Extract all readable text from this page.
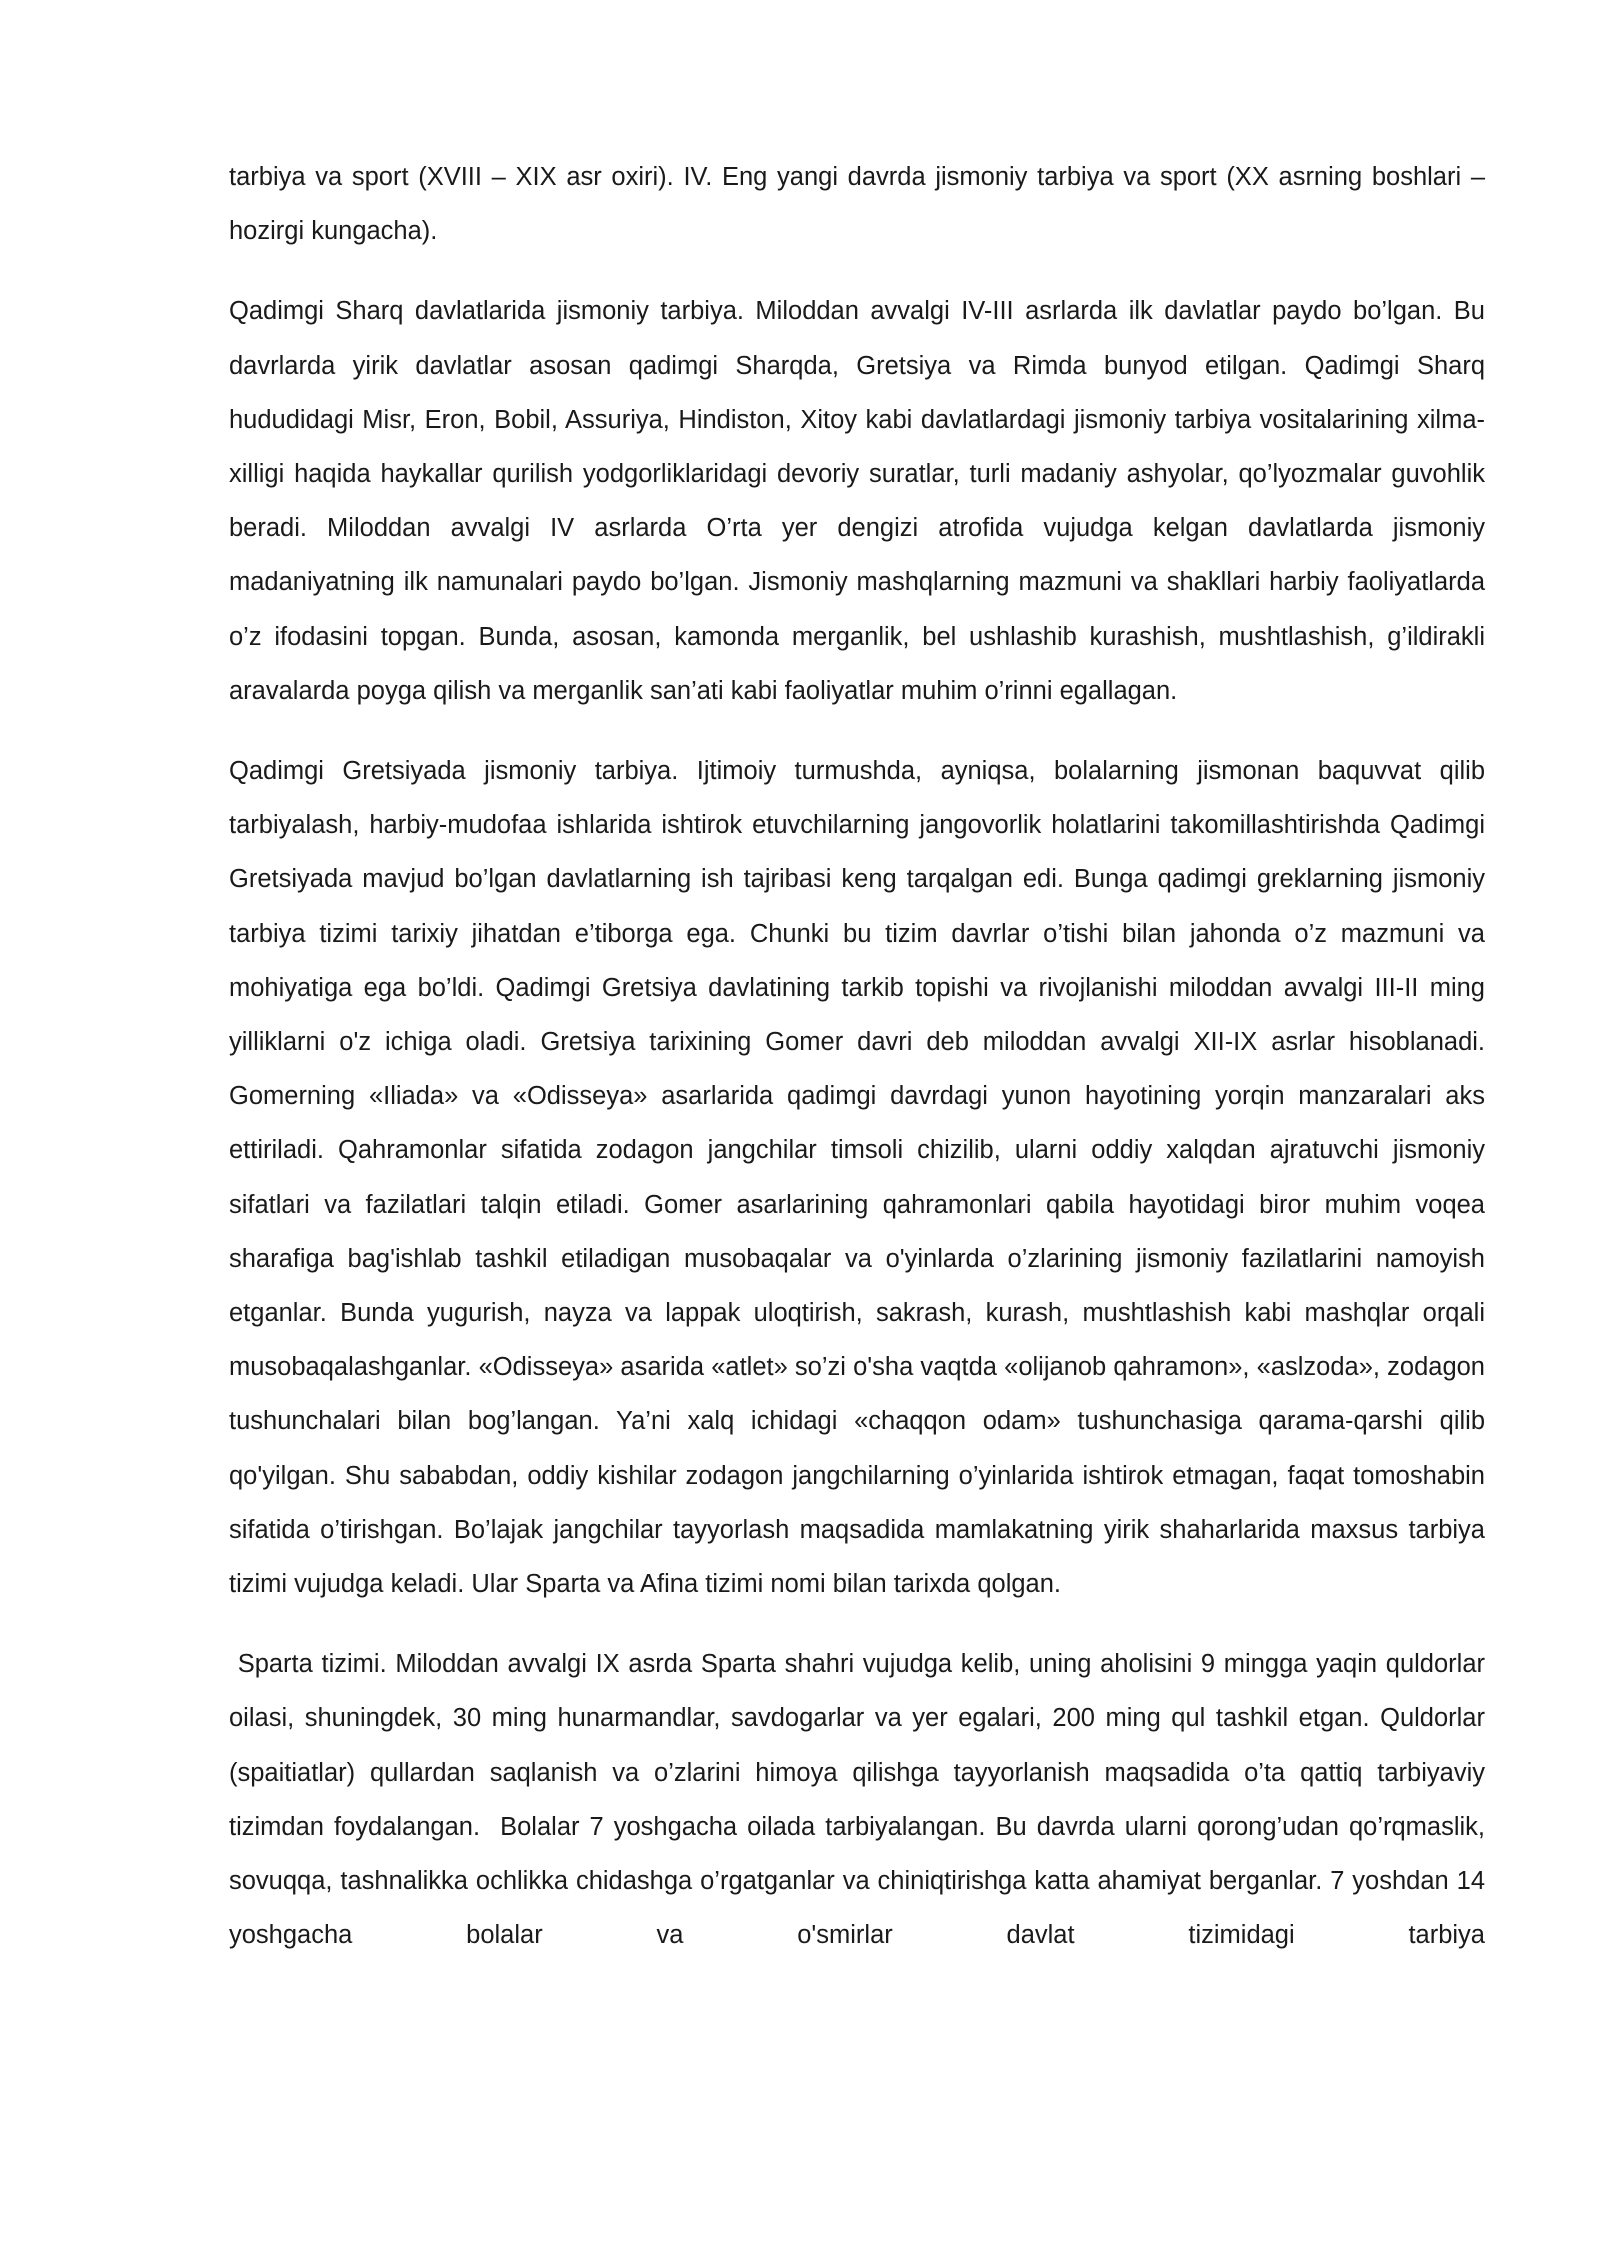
tarbiya va sport (XVIII – XIX asr oxiri). IV. Eng yangi davrda jismoniy tarbiya va sport (XX asrning boshlari – hozirgi kungacha).

Qadimgi Sharq davlatlarida jismoniy tarbiya. Miloddan avvalgi IV-III asrlarda ilk davlatlar paydo bo’lgan. Bu davrlarda yirik davlatlar asosan qadimgi Sharqda, Gretsiya va Rimda bunyod etilgan. Qadimgi Sharq hududidagi Misr, Eron, Bobil, Assuriya, Hindiston, Xitoy kabi davlatlardagi jismoniy tarbiya vositalarining xilma-xilligi haqida haykallar qurilish yodgorliklaridagi devoriy suratlar, turli madaniy ashyolar, qo’lyozmalar guvohlik beradi. Miloddan avvalgi IV asrlarda O’rta yer dengizi atrofida vujudga kelgan davlatlarda jismoniy madaniyatning ilk namunalari paydo bo’lgan. Jismoniy mashqlarning mazmuni va shakllari harbiy faoliyatlarda o’z ifodasini topgan. Bunda, asosan, kamonda merganlik, bel ushlashib kurashish, mushtlashish, g’ildirakli aravalarda poyga qilish va merganlik san’ati kabi faoliyatlar muhim o’rinni egallagan.

Qadimgi Gretsiyada jismoniy tarbiya. Ijtimoiy turmushda, ayniqsa, bolalarning jismonan baquvvat qilib tarbiyalash, harbiy-mudofaa ishlarida ishtirok etuvchilarning jangovorlik holatlarini takomillashtirishda Qadimgi Gretsiyada mavjud bo’lgan davlatlarning ish tajribasi keng tarqalgan edi. Bunga qadimgi greklarning jismoniy tarbiya tizimi tarixiy jihatdan e’tiborga ega. Chunki bu tizim davrlar o’tishi bilan jahonda o’z mazmuni va mohiyatiga ega bo’ldi. Qadimgi Gretsiya davlatining tarkib topishi va rivojlanishi miloddan avvalgi III-II ming yilliklarni o'z ichiga oladi. Gretsiya tarixining Gomer davri deb miloddan avvalgi XII-IX asrlar hisoblanadi. Gomerning «Iliada» va «Odisseya» asarlarida qadimgi davrdagi yunon hayotining yorqin manzaralari aks ettiriladi. Qahramonlar sifatida zodagon jangchilar timsoli chizilib, ularni oddiy xalqdan ajratuvchi jismoniy sifatlari va fazilatlari talqin etiladi. Gomer asarlarining qahramonlari qabila hayotidagi biror muhim voqea sharafiga bag'ishlab tashkil etiladigan musobaqalar va o'yinlarda o’zlarining jismoniy fazilatlarini namoyish etganlar. Bunda yugurish, nayza va lappak uloqtirish, sakrash, kurash, mushtlashish kabi mashqlar orqali musobaqalashganlar. «Odisseya» asarida «atlet» so’zi o'sha vaqtda «olijanob qahramon», «aslzoda», zodagon tushunchalari bilan bog’langan. Ya’ni xalq ichidagi «chaqqon odam» tushunchasiga qarama-qarshi qilib qo'yilgan. Shu sababdan, oddiy kishilar zodagon jangchilarning o’yinlarida ishtirok etmagan, faqat tomoshabin sifatida o’tirishgan. Bo’lajak jangchilar tayyorlash maqsadida mamlakatning yirik shaharlarida maxsus tarbiya tizimi vujudga keladi. Ular Sparta va Afina tizimi nomi bilan tarixda qolgan.

Sparta tizimi. Miloddan avvalgi IX asrda Sparta shahri vujudga kelib, uning aholisini 9 mingga yaqin quldorlar oilasi, shuningdek, 30 ming hunarmandlar, savdogarlar va yer egalari, 200 ming qul tashkil etgan. Quldorlar (spaitiatlar) qullardan saqlanish va o’zlarini himoya qilishga tayyorlanish maqsadida o’ta qattiq tarbiyaviy tizimdan foydalangan.  Bolalar 7 yoshgacha oilada tarbiyalangan. Bu davrda ularni qorong’udan qo’rqmaslik, sovuqqa, tashnalikka ochlikka chidashga o’rgatganlar va chiniqtirishga katta ahamiyat berganlar. 7 yoshdan 14 yoshgacha bolalar va o'smirlar davlat tizimidagi tarbiya
